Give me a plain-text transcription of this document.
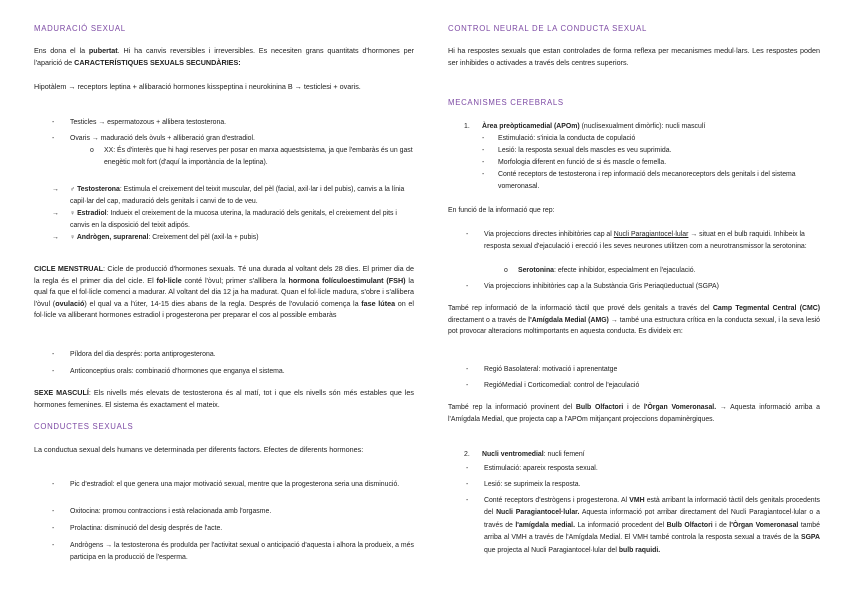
MADURACIÓ SEXUAL
Ens dona el la pubertat. Hi ha canvis reversibles i irreversibles. Es necesiten grans quantitats d'hormones per l'aparició de CARACTERÍSTIQUES SEXUALS SECUNDÀRIES:
Hipotàlem → receptors leptina + allibaració hormones kisspeptina i neurokinina B → testiclesi + ovaris.
-	Testicles → espermatozous + allibera testosterona.
-	Ovaris → maduració dels òvuls + alliberació gran d'estradiol.
o	XX: És d'interès que hi hagi reserves per posar en marxa aquestsistema, ja que l'embaràs és un gast enegètic molt fort (d'aquí la importància de la leptina).
→	♂ Testosterona: Estimula el creixement del teixit muscular, del pèl (facial, axil·lar i del pubis), canvis a la línia capil·lar del cap, maduració dels genitals i canvi de to de veu.
→	♀ Estradiol: Indueix el creixement de la mucosa uterina, la maduració dels genitals, el creixement del pits i canvis en la disposició del teixit adipós.
→	♀ Andrògen, suprarenal: Creixement del pèl (axil·la + pubis)
CICLE MENSTRUAL: Cicle de producció d'hormones sexuals. Té una durada al voltant dels 28 dies. El primer dia de la regla és el primer dia del cicle. El fol·licle conté l'òvul; primer s'allibera la hormona folículoestimulant (FSH) la qual fa que el fol·licle comenci a madurar. Al voltant del dia 12 ja ha madurat. Quan el fol·licle madura, s'obre i s'allibera l'òvul (ovulació) el qual va a l'úter, 14-15 dies abans de la regla. Després de l'ovulació comença la fase lútea on el fol·licle va alliberant hormones estradiol i progesterona per preparar el cos al possible embaràs
-	Píldora del dia després: porta antiprogesterona.
-	Anticonceptius orals: combinació d'hormones que enganya el sistema.
SEXE MASCULÍ: Els nivells més elevats de testosterona és al matí, tot i que els nivells són més estables que les hormones femenines. El sistema és exactament el mateix.
CONDUCTES SEXUALS
La conductua sexual dels humans ve determinada per diferents factors. Efectes de diferents hormones:
-	Pic d'estradiol: el que genera una major motivació sexual, mentre que la progesterona seria una disminució.
-	Oxitocina: promou contraccions i està relacionada amb l'orgasme.
-	Prolactina: disminució del desig després de l'acte.
-	Andrògens → la testosterona és produïda per l'activitat sexual o anticipació d'aquesta i alhora la produeix, a més participa en la producció de l'esperma.
CONTROL NEURAL DE LA CONDUCTA SEXUAL
Hi ha respostes sexuals que estan controlades de forma reflexa per mecanismes medul·lars. Les respostes poden ser inhibides o activades a través dels centres superiors.
MECANISMES CEREBRALS
1.	Àrea preòpticamedial (APOm) (nuclisexualment dimòrfic): nucli masculí
-	Estimulació: s'inicia la conducta de copulació
-	Lesió: la resposta sexual dels mascles es veu suprimida.
-	Morfologia diferent en funció de si és mascle o femella.
-	Conté receptors de testosterona i rep informació dels mecanoreceptors dels genitals i del sistema vomeronasal.
En funció de la informació que rep:
-	Via projeccions directes inhibitòries cap al Nucli Paragiantocel·lular → situat en el bulb raquidi. Inhibeix la resposta sexual d'ejaculació i erecció i les seves neurones utilitzen com a neurotransmissor la serotonina:
o	Serotonina: efecte inhibidor, especialment en l'ejaculació.
-	Via projeccions inhibitòries cap a la Substància Gris Periaqüeductual (SGPA)
També rep informació de la informació tàctil que prové dels genitals a través del Camp Tegmental Central (CMC) directament o a través de l'Amígdala Medial (AMG) → també una estructura crítica en la conducta sexual, i la seva lesió pot provocar alteracions moltimportants en aquesta conducta. Es divideix en:
-	Regió Basolateral: motivació i aprenentatge
-	RegióMedial i Corticomedial: control de l'ejaculació
També rep la informació provinent del Bulb Olfactori i de l'Òrgan Vomeronasal. → Aquesta informació arriba a l'Amígdala Medial, que projecta cap a l'APOm mitjançant projeccions dopaminèrgiques.
2.	Nucli ventromedial: nucli femení
-	Estimulació: apareix resposta sexual.
-	Lesió: se suprimeix la resposta.
-	Conté receptors d'estrògens i progesterona. Al VMH està arribant la informació tàctil dels genitals procedents del Nucli Paragiantocel·lular. Aquesta informació pot arribar directament del Nucli Paragiantocel·lular o a través de l'amígdala medial. La informació procedent del Bulb Olfactori i de l'Òrgan Vomeronasal també arriba al VMH a través de l'Amígdala Medial. El VMH també controla la resposta sexual a través de la SGPA que projecta al Nucli Paragiantocel·lular del bulb raquidi.
